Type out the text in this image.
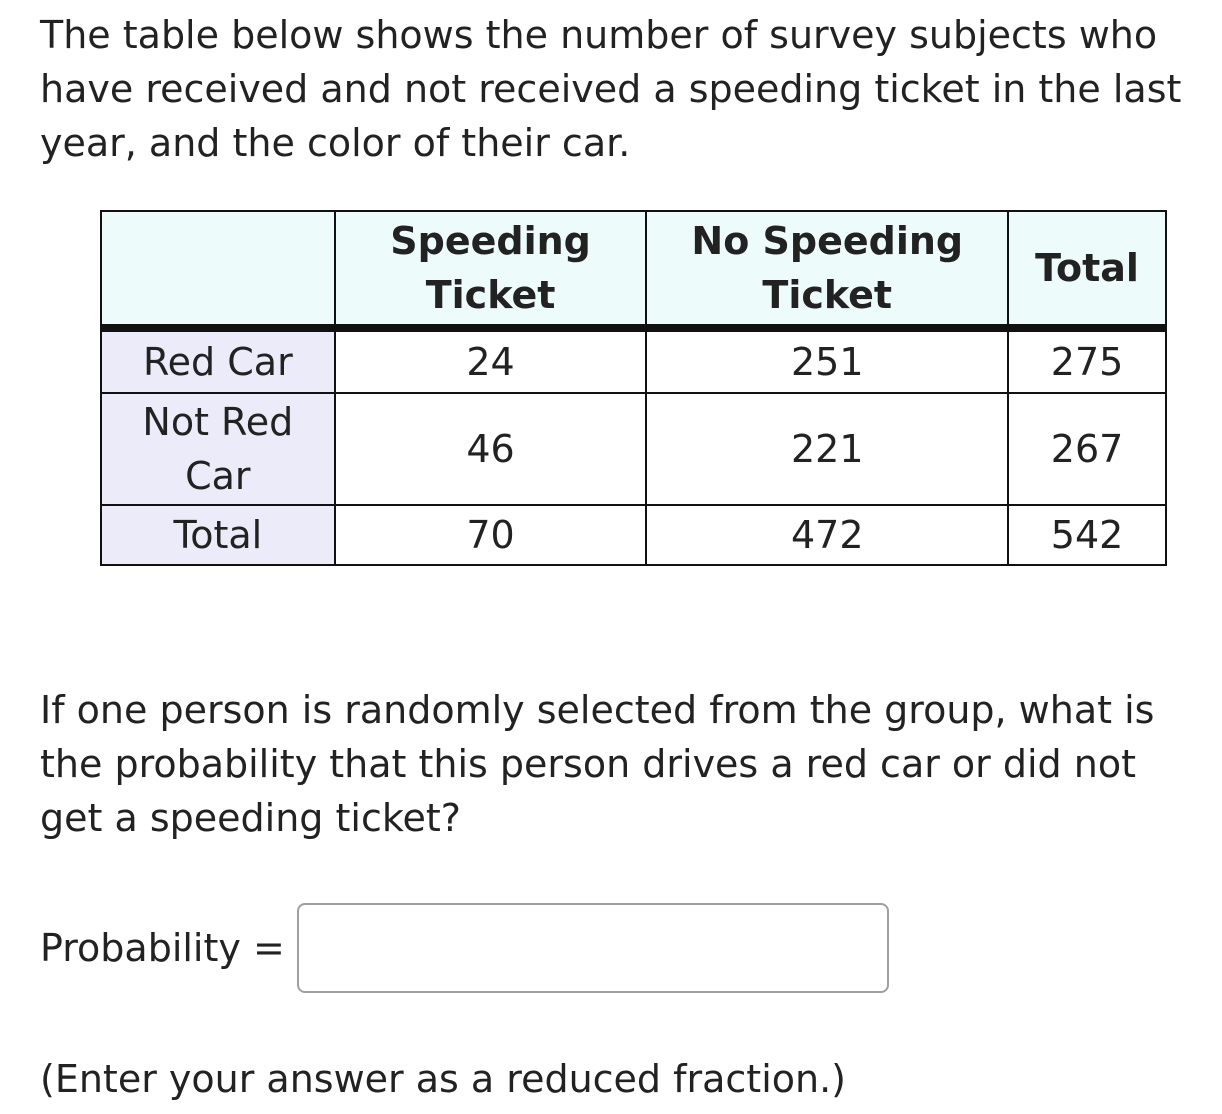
The table below shows the number of survey subjects who have received and not received a speeding ticket in the last year, and the color of their car.

	Speeding Ticket	No Speeding Ticket	Total
Red Car	24	251	275
Not Red Car	46	221	267
Total	70	472	542

If one person is randomly selected from the group, what is the probability that this person drives a red car or did not get a speeding ticket?

Probability =

(Enter your answer as a reduced fraction.)
